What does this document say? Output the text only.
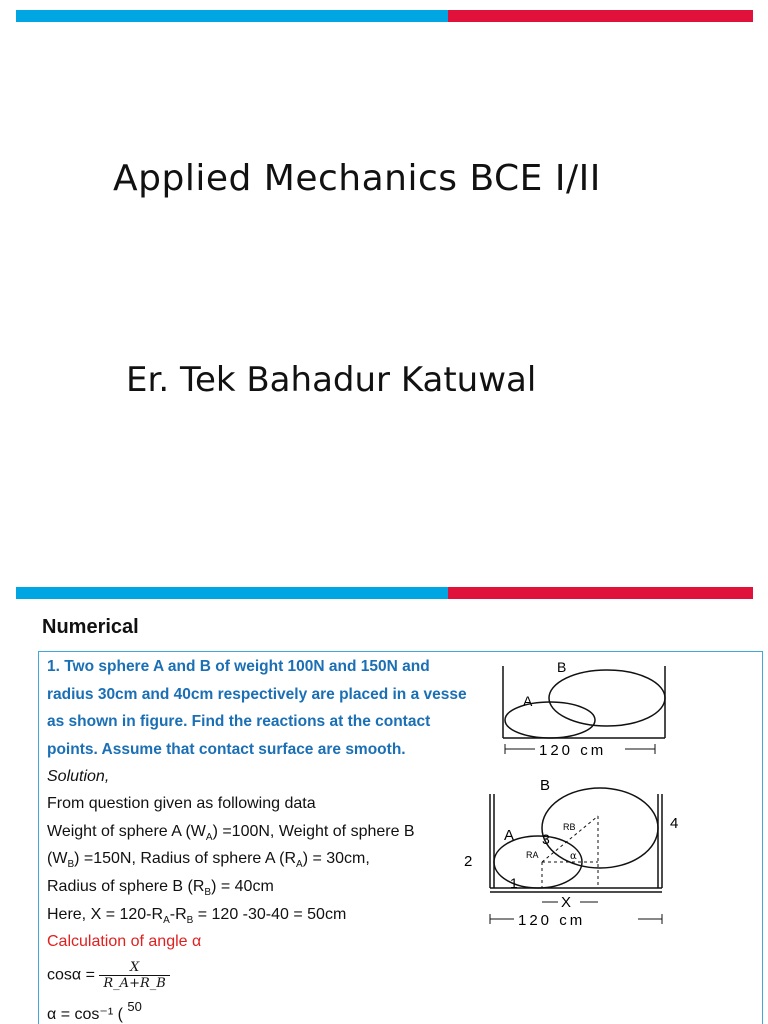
Applied Mechanics BCE I/II
Er. Tek Bahadur Katuwal
Numerical
1. Two sphere A and B of weight 100N and 150N and
radius 30cm and 40cm respectively are placed in a vesse
as shown in figure. Find the reactions at the contact
points. Assume that contact surface are smooth.
Solution,
From question given as following data
Weight of sphere A $(W_A) =100N$, Weight of sphere B
$(W_B) =150N$, Radius of sphere A $(R_A) = 30cm$,
Radius of sphere B $(R_B) = 40cm$
Here, $X = 120-R_A-R_B = 120$ -30-40 = 50cm
Calculation of angle α
$\cos\alpha = \frac{X}{R\_A+R\_B}$
α = cos⁻¹ ( $^{50}$
B
A
120 cm
B
A 3
4
2
1
RB
RA	α
X
120 cm
